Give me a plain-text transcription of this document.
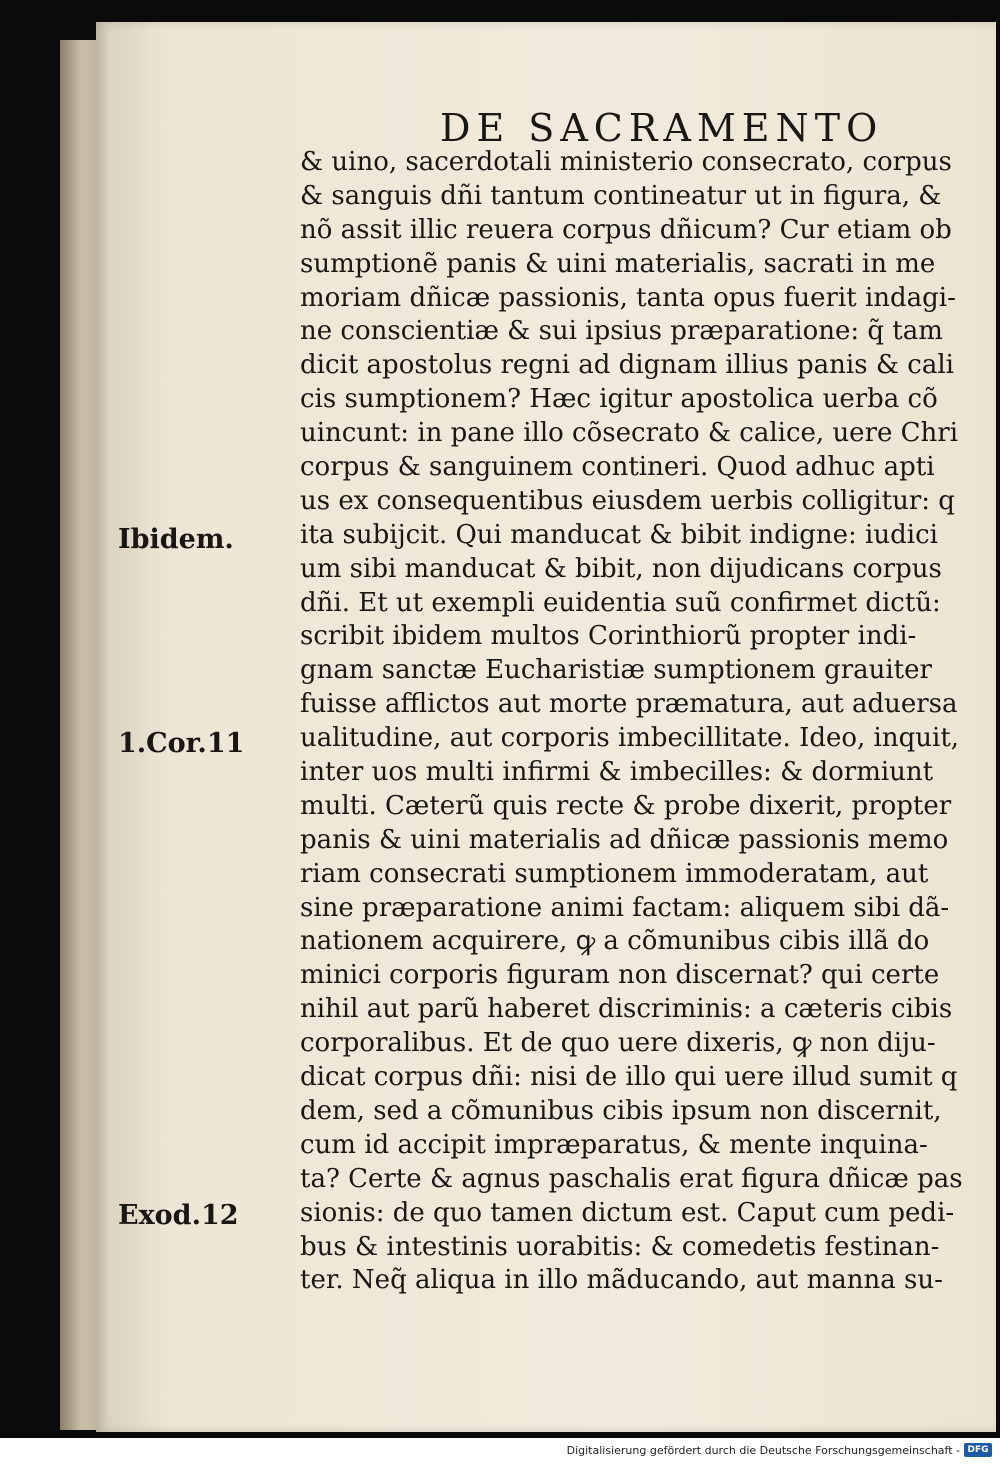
DE SACRAMENTO
& uino, sacerdotali ministerio consecrato, corpus
& sanguis dñi tantum contineatur ut in figura, &
nõ assit illic reuera corpus dñicum? Cur etiam ob
sumptionẽ panis & uini materialis, sacrati in me
moriam dñicæ passionis, tanta opus fuerit indagi-
ne conscientiæ & sui ipsius præparatione: q̃ tam
dicit apostolus regni ad dignam illius panis & cali
cis sumptionem? Hæc igitur apostolica uerba cõ
uincunt: in pane illo cõsecrato & calice, uere Chri
corpus & sanguinem contineri. Quod adhuc apti
us ex consequentibus eiusdem uerbis colligitur: q
ita subijcit. Qui manducat & bibit indigne: iudici
um sibi manducat & bibit, non dijudicans corpus
dñi. Et ut exempli euidentia suũ confirmet dictũ:
scribit ibidem multos Corinthiorũ propter indi-
gnam sanctæ Eucharistiæ sumptionem grauiter
fuisse afflictos aut morte præmatura, aut aduersa
ualitudine, aut corporis imbecillitate. Ideo, inquit,
inter uos multi infirmi & imbecilles: & dormiunt
multi. Cæterũ quis recte & probe dixerit, propter
panis & uini materialis ad dñicæ passionis memo
riam consecrati sumptionem immoderatam, aut
sine præparatione animi factam: aliquem sibi dã-
nationem acquirere, ꝙ a cõmunibus cibis illã do
minici corporis figuram non discernat? qui certe
nihil aut parũ haberet discriminis: a cæteris cibis
corporalibus. Et de quo uere dixeris, ꝙ non diju-
dicat corpus dñi: nisi de illo qui uere illud sumit q
dem, sed a cõmunibus cibis ipsum non discernit,
cum id accipit impræparatus, & mente inquina-
ta? Certe & agnus paschalis erat figura dñicæ pas
sionis: de quo tamen dictum est. Caput cum pedi-
bus & intestinis uorabitis: & comedetis festinan-
ter. Neq̃ aliqua in illo mãducando, aut manna su-
Ibidem.
1.Cor.11
Exod.12
Digitalisierung gefördert durch die Deutsche Forschungsgemeinschaft - DFG
